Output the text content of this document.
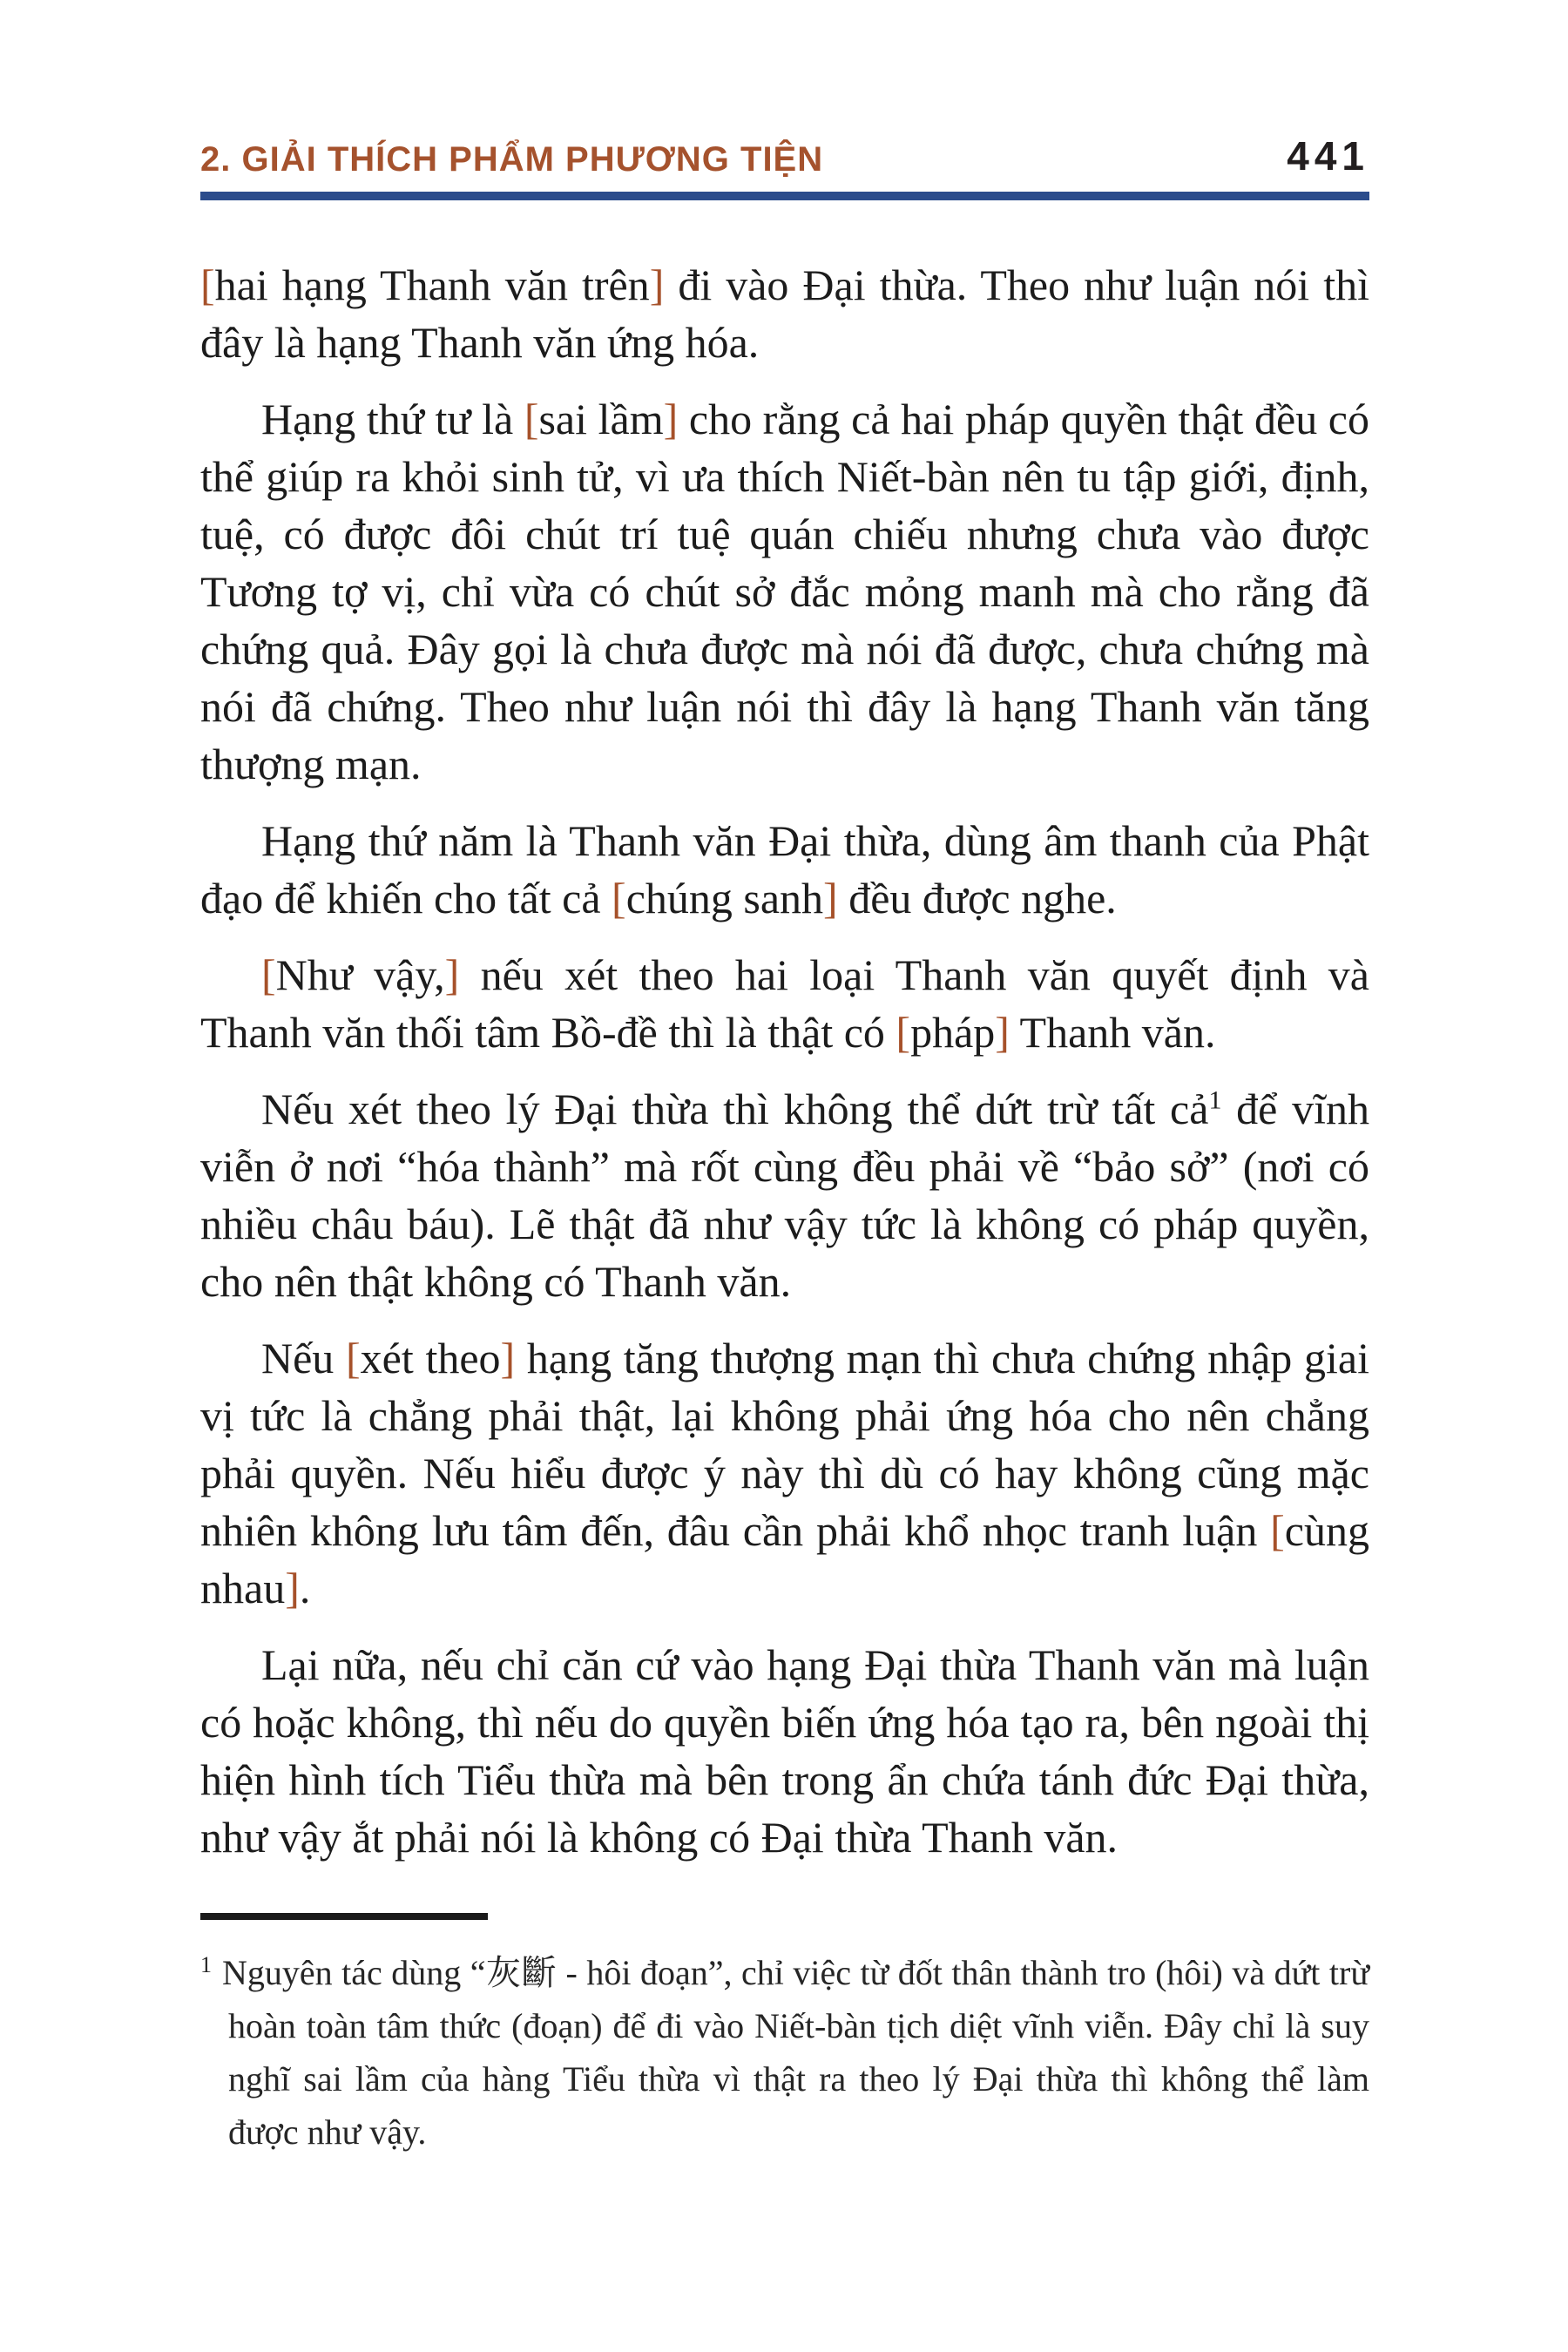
2. GIẢI THÍCH PHẨM PHƯƠNG TIỆN	441

[hai hạng Thanh văn trên] đi vào Đại thừa. Theo như luận nói thì đây là hạng Thanh văn ứng hóa.

Hạng thứ tư là [sai lầm] cho rằng cả hai pháp quyền thật đều có thể giúp ra khỏi sinh tử, vì ưa thích Niết-bàn nên tu tập giới, định, tuệ, có được đôi chút trí tuệ quán chiếu nhưng chưa vào được Tương tợ vị, chỉ vừa có chút sở đắc mỏng manh mà cho rằng đã chứng quả. Đây gọi là chưa được mà nói đã được, chưa chứng mà nói đã chứng. Theo như luận nói thì đây là hạng Thanh văn tăng thượng mạn.

Hạng thứ năm là Thanh văn Đại thừa, dùng âm thanh của Phật đạo để khiến cho tất cả [chúng sanh] đều được nghe.

[Như vậy,] nếu xét theo hai loại Thanh văn quyết định và Thanh văn thối tâm Bồ-đề thì là thật có [pháp] Thanh văn.

Nếu xét theo lý Đại thừa thì không thể dứt trừ tất cả$^1$ để vĩnh viễn ở nơi “hóa thành” mà rốt cùng đều phải về “bảo sở” (nơi có nhiều châu báu). Lẽ thật đã như vậy tức là không có pháp quyền, cho nên thật không có Thanh văn.

Nếu [xét theo] hạng tăng thượng mạn thì chưa chứng nhập giai vị tức là chẳng phải thật, lại không phải ứng hóa cho nên chẳng phải quyền. Nếu hiểu được ý này thì dù có hay không cũng mặc nhiên không lưu tâm đến, đâu cần phải khổ nhọc tranh luận [cùng nhau].

Lại nữa, nếu chỉ căn cứ vào hạng Đại thừa Thanh văn mà luận có hoặc không, thì nếu do quyền biến ứng hóa tạo ra, bên ngoài thị hiện hình tích Tiểu thừa mà bên trong ẩn chứa tánh đức Đại thừa, như vậy ắt phải nói là không có Đại thừa Thanh văn.

$^1$ Nguyên tác dùng “灰斷 - hôi đoạn”, chỉ việc từ đốt thân thành tro (hôi) và dứt trừ hoàn toàn tâm thức (đoạn) để đi vào Niết-bàn tịch diệt vĩnh viễn. Đây chỉ là suy nghĩ sai lầm của hàng Tiểu thừa vì thật ra theo lý Đại thừa thì không thể làm được như vậy.
